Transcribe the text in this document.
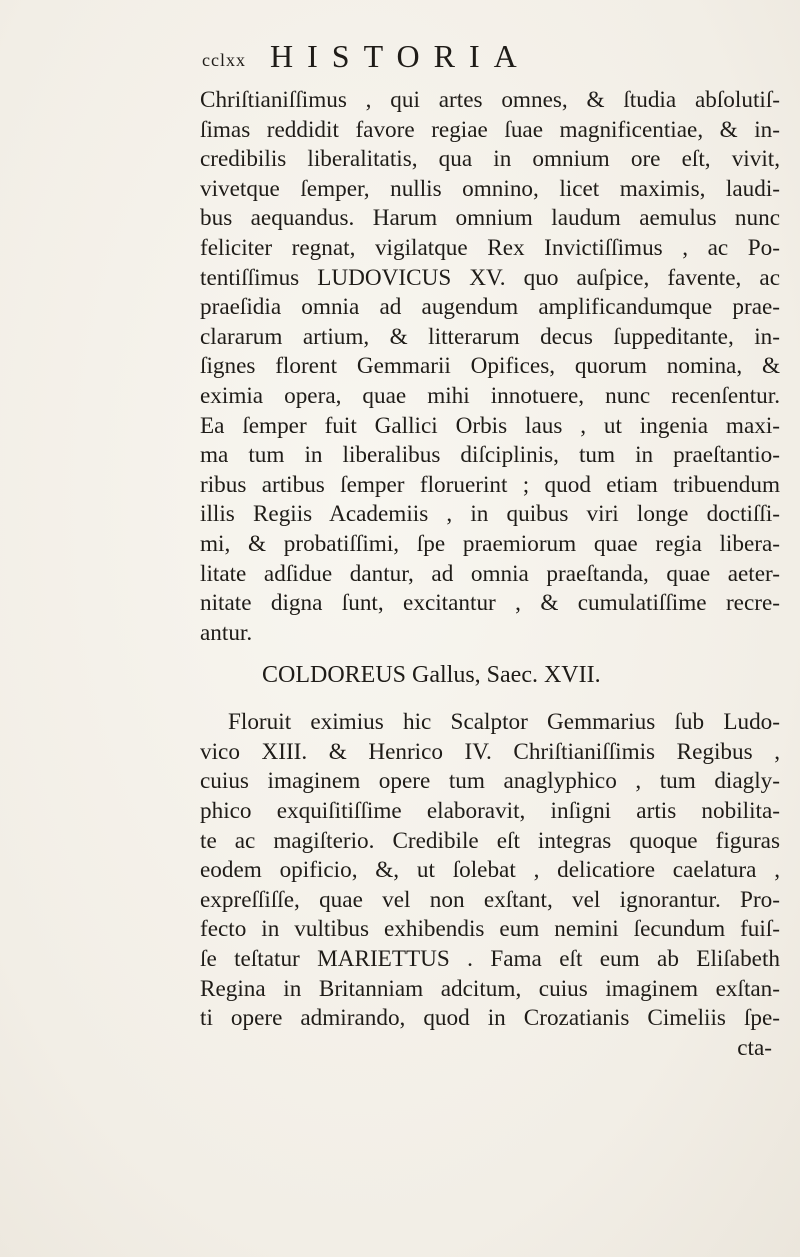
cclxx HISTORIA
Chriſtianiſſimus , qui artes omnes, & ſtudia abſolutiſ-
ſimas reddidit favore regiae ſuae magnificentiae, & in-
credibilis liberalitatis, qua in omnium ore eſt, vivit,
vivetque ſemper, nullis omnino, licet maximis, laudi-
bus aequandus. Harum omnium laudum aemulus nunc
feliciter regnat, vigilatque Rex Invictiſſimus , ac Po-
tentiſſimus LUDOVICUS XV. quo auſpice, favente, ac
praeſidia omnia ad augendum amplificandumque prae-
clararum artium, & litterarum decus ſuppeditante, in-
ſignes florent Gemmarii Opifices, quorum nomina, &
eximia opera, quae mihi innotuere, nunc recenſentur.
Ea ſemper fuit Gallici Orbis laus , ut ingenia maxi-
ma tum in liberalibus diſciplinis, tum in praeſtantio-
ribus artibus ſemper floruerint ; quod etiam tribuendum
illis Regiis Academiis , in quibus viri longe doctiſſi-
mi, & probatiſſimi, ſpe praemiorum quae regia libera-
litate adſidue dantur, ad omnia praeſtanda, quae aeter-
nitate digna ſunt, excitantur , & cumulatiſſime recre-
antur.
COLDOREUS Gallus, Saec. XVII.
Floruit eximius hic Scalptor Gemmarius ſub Ludo-
vico XIII. & Henrico IV. Chriſtianiſſimis Regibus ,
cuius imaginem opere tum anaglyphico , tum diagly-
phico exquiſitiſſime elaboravit, inſigni artis nobilita-
te ac magiſterio. Credibile eſt integras quoque figuras
eodem opificio, &, ut ſolebat , delicatiore caelatura ,
expreſſiſſe, quae vel non exſtant, vel ignorantur. Pro-
fecto in vultibus exhibendis eum nemini ſecundum fuiſ-
ſe teſtatur MARIETTUS . Fama eſt eum ab Eliſabeth
Regina in Britanniam adcitum, cuius imaginem exſtan-
ti opere admirando, quod in Crozatianis Cimeliis ſpe-
cta-
